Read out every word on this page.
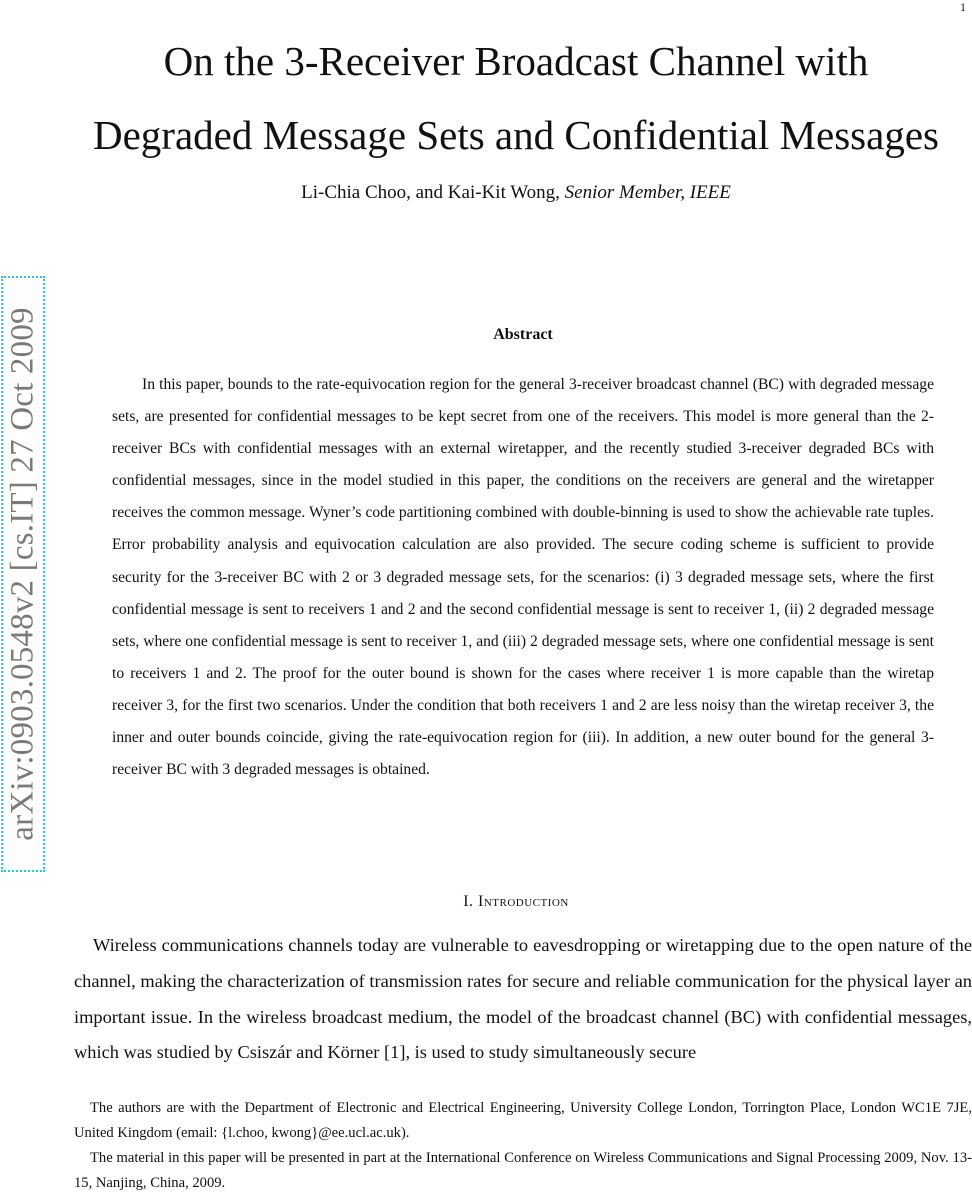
1
On the 3-Receiver Broadcast Channel with
Degraded Message Sets and Confidential Messages
Li-Chia Choo, and Kai-Kit Wong, Senior Member, IEEE
arXiv:0903.0548v2 [cs.IT] 27 Oct 2009	Abstract

In this paper, bounds to the rate-equivocation region for the general 3-receiver broadcast channel (BC) with degraded message sets, are presented for confidential messages to be kept secret from one of the receivers. This model is more general than the 2-receiver BCs with confidential messages with an external wiretapper, and the recently studied 3-receiver degraded BCs with confidential messages, since in the model studied in this paper, the conditions on the receivers are general and the wiretapper receives the common message. Wyner’s code partitioning combined with double-binning is used to show the achievable rate tuples. Error probability analysis and equivocation calculation are also provided. The secure coding scheme is sufficient to provide security for the 3-receiver BC with 2 or 3 degraded message sets, for the scenarios: (i) 3 degraded message sets, where the first confidential message is sent to receivers 1 and 2 and the second confidential message is sent to receiver 1, (ii) 2 degraded message sets, where one confidential message is sent to receiver 1, and (iii) 2 degraded message sets, where one confidential message is sent to receivers 1 and 2. The proof for the outer bound is shown for the cases where receiver 1 is more capable than the wiretap receiver 3, for the first two scenarios. Under the condition that both receivers 1 and 2 are less noisy than the wiretap receiver 3, the inner and outer bounds coincide, giving the rate-equivocation region for (iii). In addition, a new outer bound for the general 3-receiver BC with 3 degraded messages is obtained.

I. Introduction

Wireless communications channels today are vulnerable to eavesdropping or wiretapping due to the open nature of the channel, making the characterization of transmission rates for secure and reliable communication for the physical layer an important issue. In the wireless broadcast medium, the model of the broadcast channel (BC) with confidential messages, which was studied by Csiszár and Körner [1], is used to study simultaneously secure

The authors are with the Department of Electronic and Electrical Engineering, University College London, Torrington Place, London WC1E 7JE, United Kingdom (email: {l.choo, kwong}@ee.ucl.ac.uk).

The material in this paper will be presented in part at the International Conference on Wireless Communications and Signal Processing 2009, Nov. 13-15, Nanjing, China, 2009.
